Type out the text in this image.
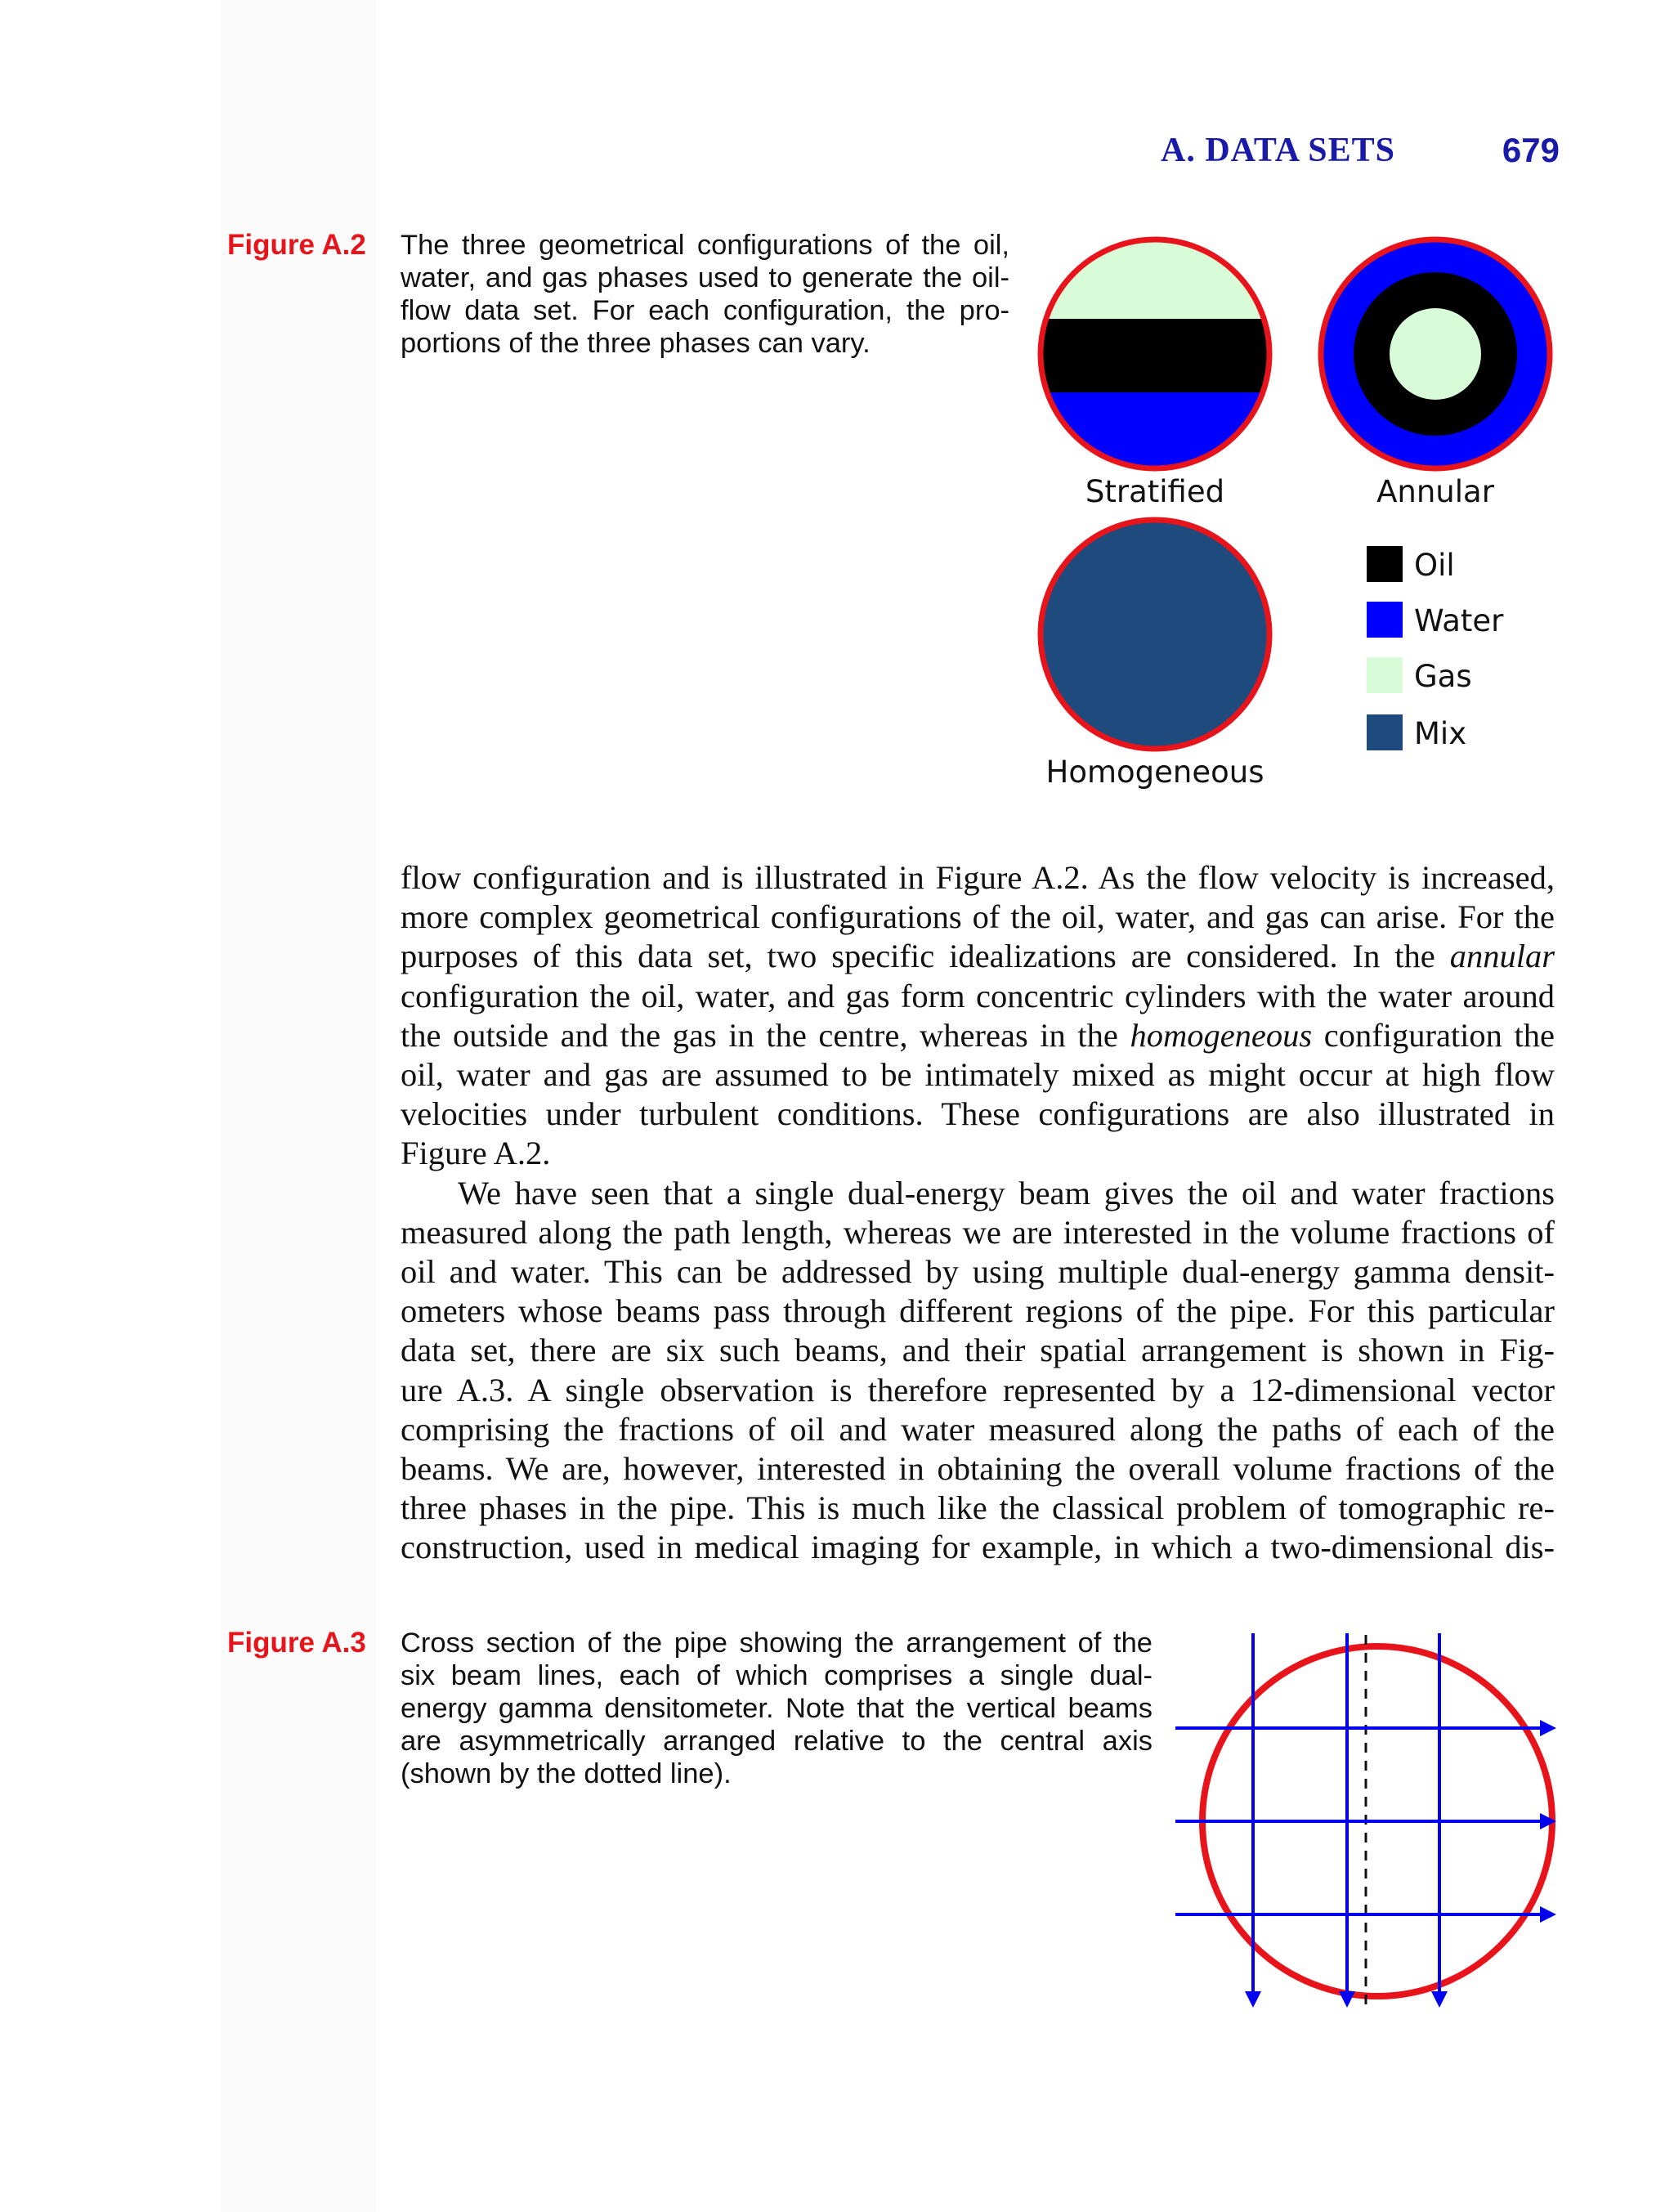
A. DATA SETS	679
Figure A.2 The three geometrical configurations of the oil,
water, and gas phases used to generate the oil-
flow data set. For each configuration, the pro-
portions of the three phases can vary.
Stratified	Annular
Homogeneous
Oil
Water
Gas
Mix
flow configuration and is illustrated in Figure A.2. As the flow velocity is increased,
more complex geometrical configurations of the oil, water, and gas can arise. For the
purposes of this data set, two specific idealizations are considered. In the annular
configuration the oil, water, and gas form concentric cylinders with the water around
the outside and the gas in the centre, whereas in the homogeneous configuration the
oil, water and gas are assumed to be intimately mixed as might occur at high flow
velocities under turbulent conditions. These configurations are also illustrated in
Figure A.2.
We have seen that a single dual-energy beam gives the oil and water fractions
measured along the path length, whereas we are interested in the volume fractions of
oil and water. This can be addressed by using multiple dual-energy gamma densit-
ometers whose beams pass through different regions of the pipe. For this particular
data set, there are six such beams, and their spatial arrangement is shown in Fig-
ure A.3. A single observation is therefore represented by a 12-dimensional vector
comprising the fractions of oil and water measured along the paths of each of the
beams. We are, however, interested in obtaining the overall volume fractions of the
three phases in the pipe. This is much like the classical problem of tomographic re-
construction, used in medical imaging for example, in which a two-dimensional dis-
Figure A.3 Cross section of the pipe showing the arrangement of the
six beam lines, each of which comprises a single dual-
energy gamma densitometer. Note that the vertical beams
are asymmetrically arranged relative to the central axis
(shown by the dotted line).
